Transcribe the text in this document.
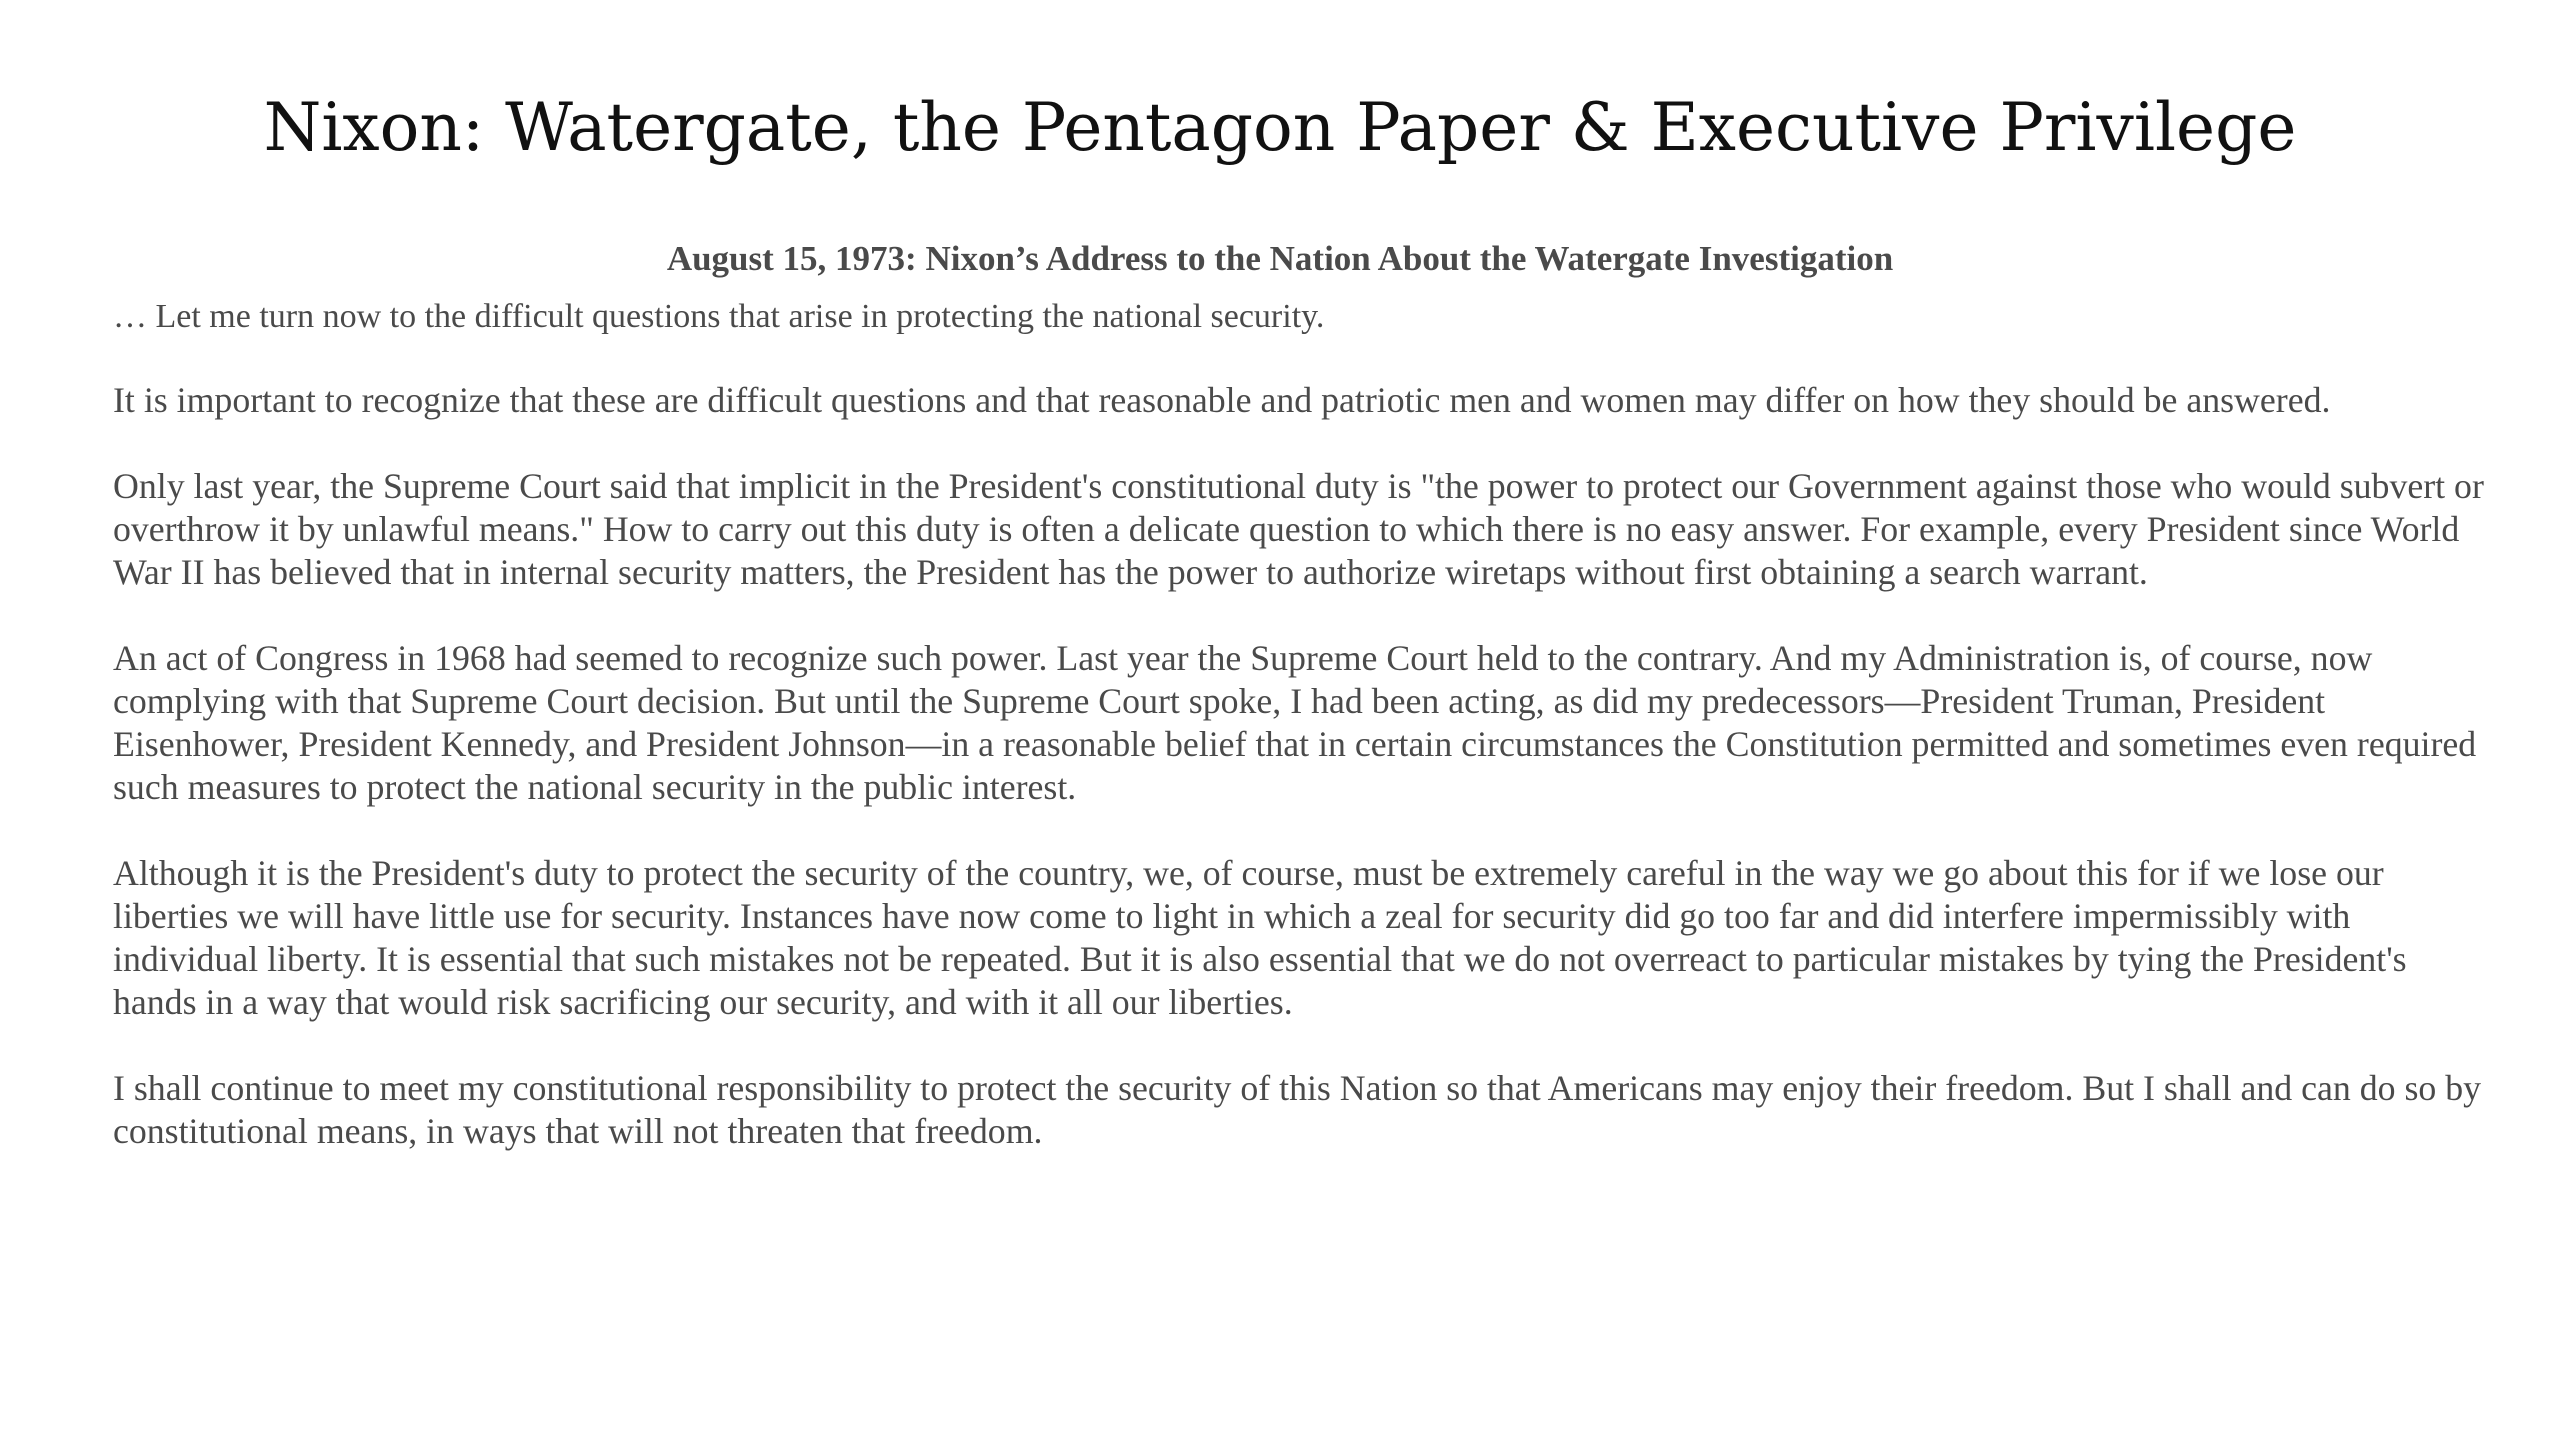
Nixon: Watergate, the Pentagon Paper & Executive Privilege
August 15, 1973: Nixon’s Address to the Nation About the Watergate Investigation
… Let me turn now to the difficult questions that arise in protecting the national security.

It is important to recognize that these are difficult questions and that reasonable and patriotic men and women may differ on how they should be answered.

Only last year, the Supreme Court said that implicit in the President's constitutional duty is "the power to protect our Government against those who would subvert or overthrow it by unlawful means." How to carry out this duty is often a delicate question to which there is no easy answer. For example, every President since World War II has believed that in internal security matters, the President has the power to authorize wiretaps without first obtaining a search warrant.

An act of Congress in 1968 had seemed to recognize such power. Last year the Supreme Court held to the contrary. And my Administration is, of course, now complying with that Supreme Court decision. But until the Supreme Court spoke, I had been acting, as did my predecessors—President Truman, President Eisenhower, President Kennedy, and President Johnson—in a reasonable belief that in certain circumstances the Constitution permitted and sometimes even required such measures to protect the national security in the public interest.

Although it is the President's duty to protect the security of the country, we, of course, must be extremely careful in the way we go about this for if we lose our liberties we will have little use for security. Instances have now come to light in which a zeal for security did go too far and did interfere impermissibly with individual liberty. It is essential that such mistakes not be repeated. But it is also essential that we do not overreact to particular mistakes by tying the President's hands in a way that would risk sacrificing our security, and with it all our liberties.

I shall continue to meet my constitutional responsibility to protect the security of this Nation so that Americans may enjoy their freedom. But I shall and can do so by constitutional means, in ways that will not threaten that freedom.
